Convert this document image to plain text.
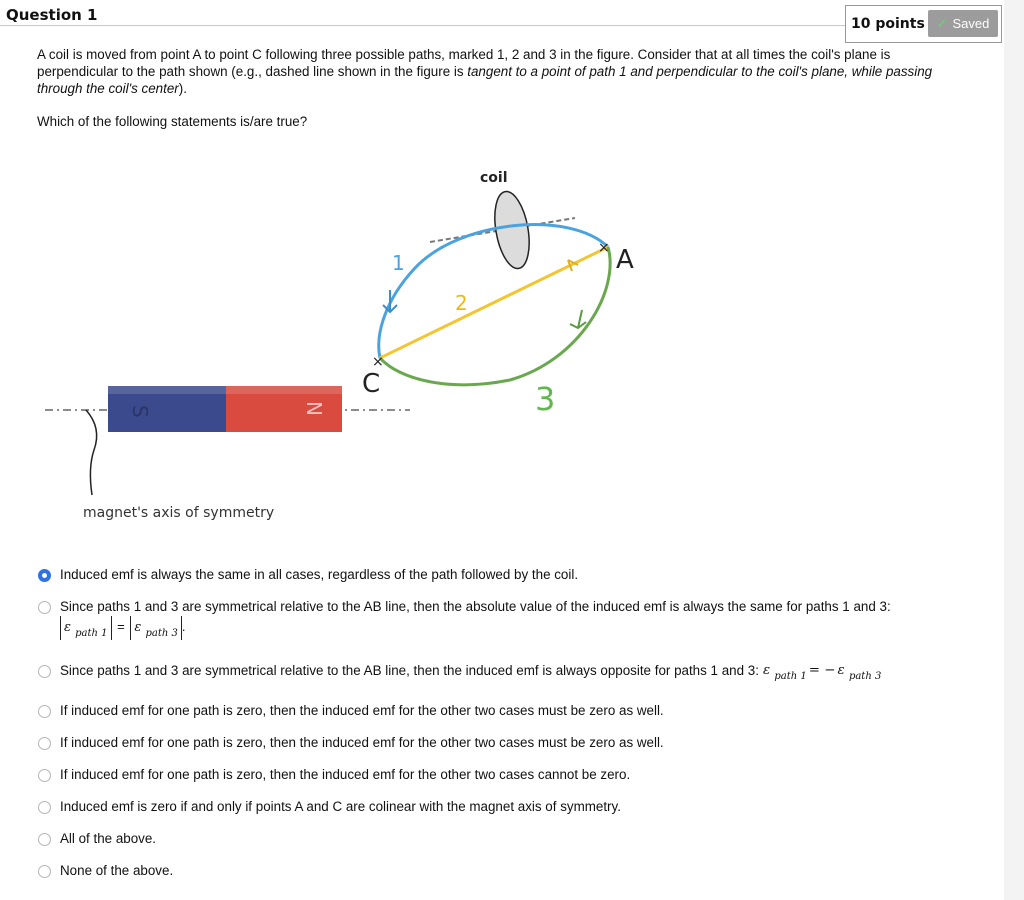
Question 1	10 points ✓ Saved
A coil is moved from point A to point C following three possible paths, marked 1, 2 and 3 in the figure. Consider that at all times the coil's plane is perpendicular to the path shown (e.g., dashed line shown in the figure is tangent to a point of path 1 and perpendicular to the coil's plane, while passing through the coil's center).
Which of the following statements is/are true?
S	N
magnet's axis of symmetry
coil
1
2
3
× A
×
C
Induced emf is always the same in all cases, regardless of the path followed by the coil.
Since paths 1 and 3 are symmetrical relative to the AB line, then the absolute value of the induced emf is always the same for paths 1 and 3:
ε $_{path 1}$ = ε $_{path 3}$ .
Since paths 1 and 3 are symmetrical relative to the AB line, then the induced emf is always opposite for paths 1 and 3: ε $_{path 1}$ = − ε $_{path 3}$
If induced emf for one path is zero, then the induced emf for the other two cases must be zero as well.
If induced emf for one path is zero, then the induced emf for the other two cases must be zero as well.
If induced emf for one path is zero, then the induced emf for the other two cases cannot be zero.
Induced emf is zero if and only if points A and C are colinear with the magnet axis of symmetry.
All of the above.
None of the above.
